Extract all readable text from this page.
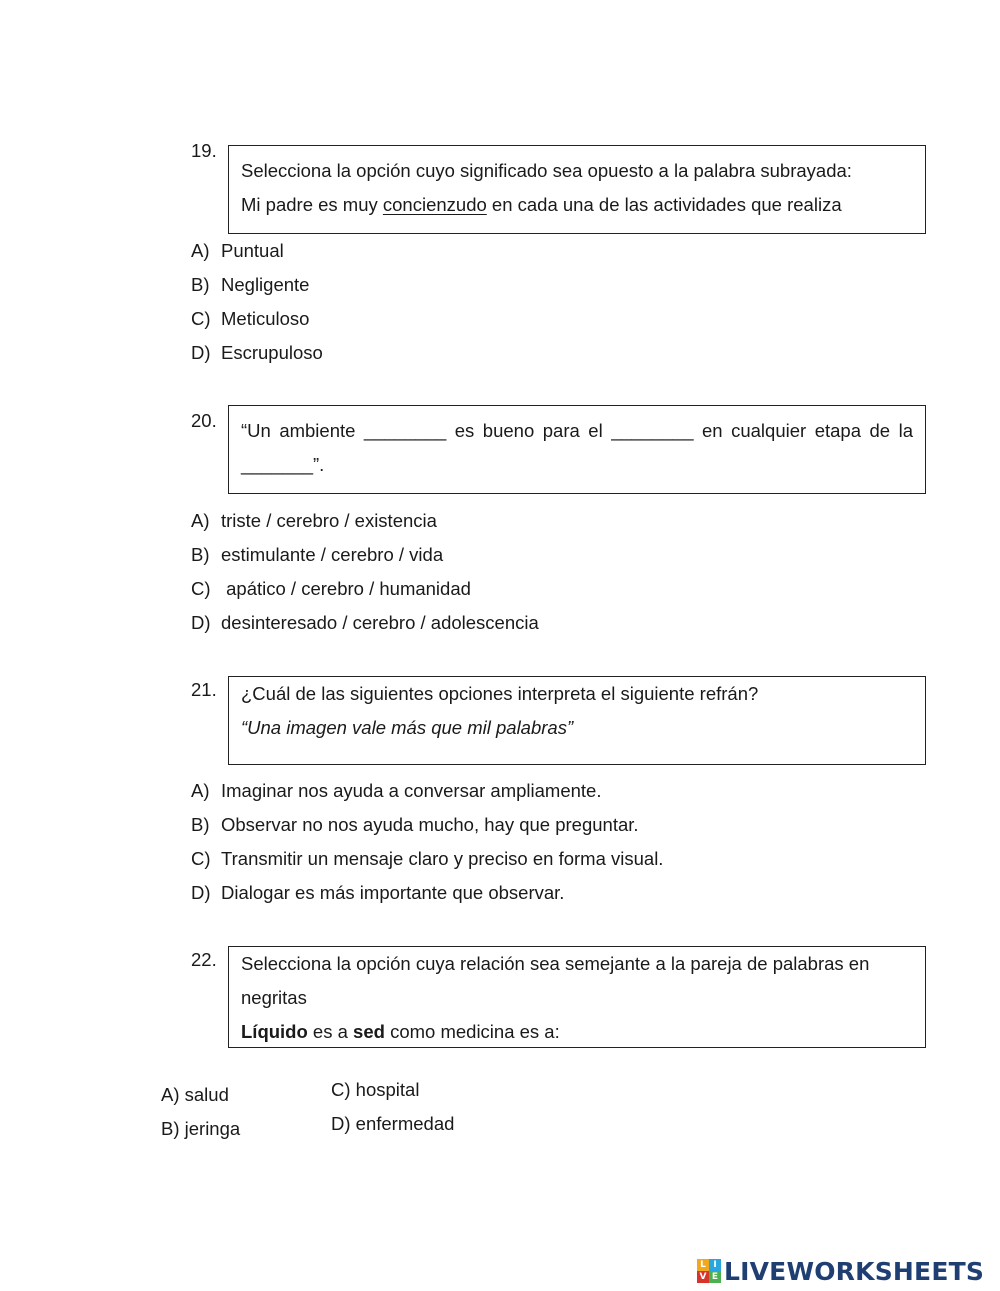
19.
Selecciona la opción cuyo significado sea opuesto a la palabra subrayada:
Mi padre es muy concienzudo en cada una de las actividades que realiza
A) Puntual
B) Negligente
C) Meticuloso
D) Escrupuloso
20. “Un ambiente ________ es bueno para el ________ en cualquier etapa de la _______”.
A) triste / cerebro / existencia
B) estimulante / cerebro / vida
C) apático / cerebro / humanidad
D) desinteresado / cerebro / adolescencia
21. ¿Cuál de las siguientes opciones interpreta el siguiente refrán?
“Una imagen vale más que mil palabras”
A) Imaginar nos ayuda a conversar ampliamente.
B) Observar no nos ayuda mucho, hay que preguntar.
C) Transmitir un mensaje claro y preciso en forma visual.
D) Dialogar es más importante que observar.
22. Selecciona la opción cuya relación sea semejante a la pareja de palabras en
negritas
Líquido es a sed como medicina es a:
A) salud
B) jeringa
C) hospital
D) enfermedad
L I
V E LIVEWORKSHEETS
